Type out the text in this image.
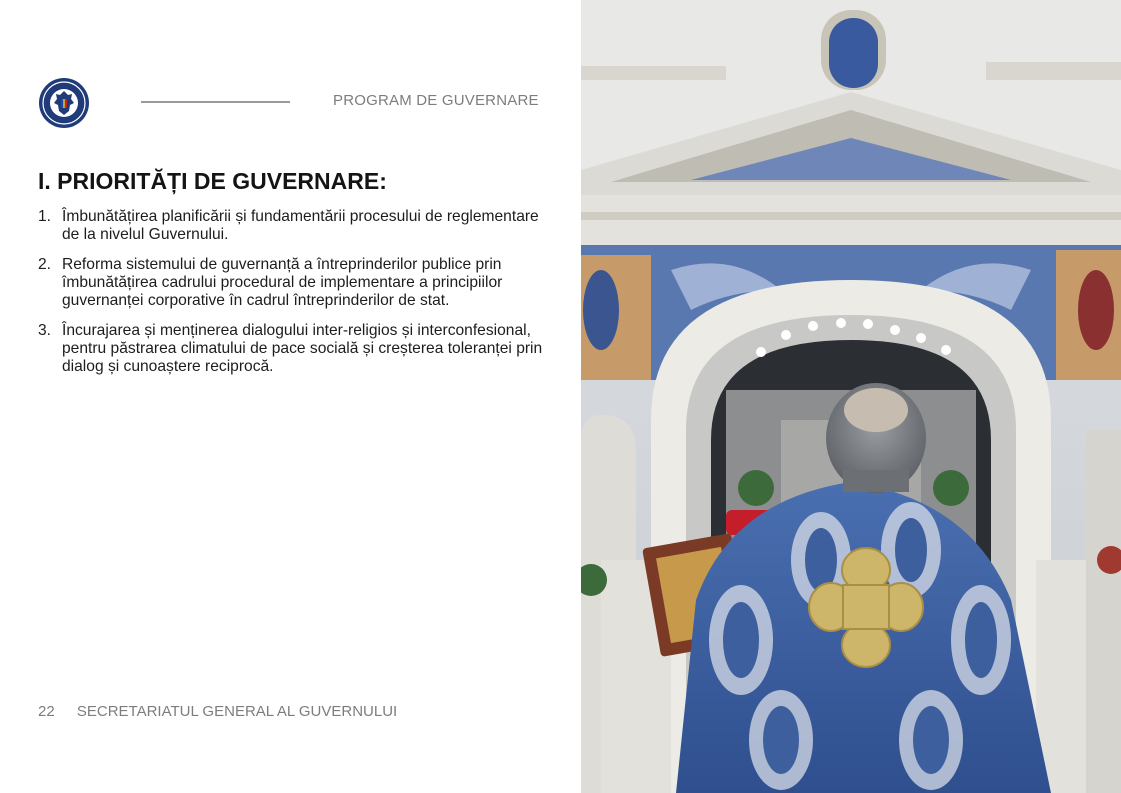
PROGRAM DE GUVERNARE
I. PRIORITĂȚI DE GUVERNARE:
1. Îmbunătățirea planificării și fundamentării procesului de reglementare de la nivelul Guvernului.
2. Reforma sistemului de guvernanță a întreprinderilor publice prin îmbunătățirea cadrului procedural de implementare a principiilor guvernanței corporative în cadrul întreprinderilor de stat.
3. Încurajarea și menținerea dialogului inter-religios și interconfesional, pentru păstrarea climatului de pace socială și creșterea toleranței prin dialog și cunoaștere reciprocă.
22 SECRETARIATUL GENERAL AL GUVERNULUI
